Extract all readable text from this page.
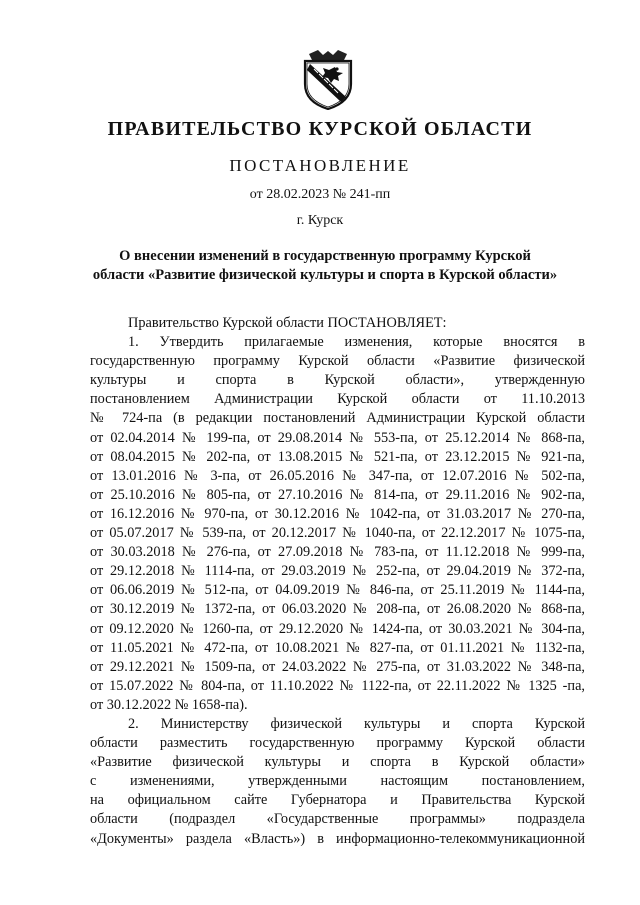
ПРАВИТЕЛЬСТВО КУРСКОЙ ОБЛАСТИ
ПОСТАНОВЛЕНИЕ
от 28.02.2023 № 241-пп
г. Курск
О внесении изменений в государственную программу Курской
области «Развитие физической культуры и спорта в Курской области»

Правительство Курской области ПОСТАНОВЛЯЕТ:

1. Утвердить прилагаемые изменения, которые вносятся в

государственную программу Курской области «Развитие физической

культуры и спорта в Курской области», утвержденную

постановлением Администрации Курской области от 11.10.2013

№ 724-па (в редакции постановлений Администрации Курской области

от 02.04.2014 № 199-па, от 29.08.2014 № 553-па, от 25.12.2014 № 868-па,

от 08.04.2015 № 202-па, от 13.08.2015 № 521-па, от 23.12.2015 № 921-па,

от 13.01.2016 № 3-па, от 26.05.2016 № 347-па, от 12.07.2016 № 502-па,

от 25.10.2016 № 805-па, от 27.10.2016 № 814-па, от 29.11.2016 № 902-па,

от 16.12.2016 № 970-па, от 30.12.2016 № 1042-па, от 31.03.2017 № 270-па,

от 05.07.2017 № 539-па, от 20.12.2017 № 1040-па, от 22.12.2017 № 1075-па,

от 30.03.2018 № 276-па, от 27.09.2018 № 783-па, от 11.12.2018 № 999-па,

от 29.12.2018 № 1114-па, от 29.03.2019 № 252-па, от 29.04.2019 № 372-па,

от 06.06.2019 № 512-па, от 04.09.2019 № 846-па, от 25.11.2019 № 1144-па,

от 30.12.2019 № 1372-па, от 06.03.2020 № 208-па, от 26.08.2020 № 868-па,

от 09.12.2020 № 1260-па, от 29.12.2020 № 1424-па, от 30.03.2021 № 304-па,

от 11.05.2021 № 472-па, от 10.08.2021 № 827-па, от 01.11.2021 № 1132-па,

от 29.12.2021 № 1509-па, от 24.03.2022 № 275-па, от 31.03.2022 № 348-па,

от 15.07.2022 № 804-па, от 11.10.2022 № 1122-па, от 22.11.2022 № 1325 -па,

от 30.12.2022 № 1658-па).

2. Министерству физической культуры и спорта Курской

области разместить государственную программу Курской области

«Развитие физической культуры и спорта в Курской области»

с изменениями, утвержденными настоящим постановлением,

на официальном сайте Губернатора и Правительства Курской

области (подраздел «Государственные программы» подраздела

«Документы» раздела «Власть») в информационно-телекоммуникационной
